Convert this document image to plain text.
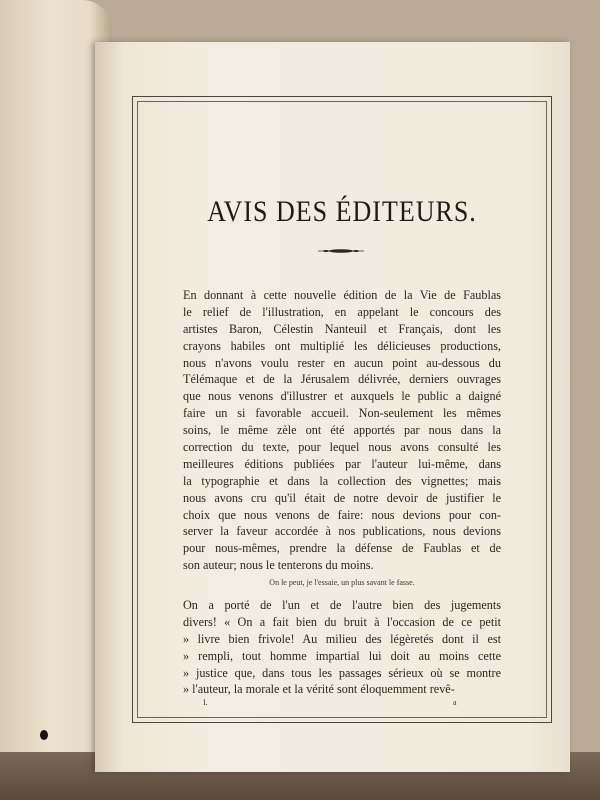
AVIS DES ÉDITEURS.
En donnant à cette nouvelle édition de la Vie de Faublas
le relief de l'illustration, en appelant le concours des
artistes Baron, Célestin Nanteuil et Français, dont les
crayons habiles ont multiplié les délicieuses productions,
nous n'avons voulu rester en aucun point au-dessous du
Télémaque et de la Jérusalem délivrée, derniers ouvrages
que nous venons d'illustrer et auxquels le public a daigné
faire un si favorable accueil. Non-seulement les mêmes
soins, le même zèle ont été apportés par nous dans la
correction du texte, pour lequel nous avons consulté les
meilleures éditions publiées par l'auteur lui-même, dans
la typographie et dans la collection des vignettes; mais
nous avons cru qu'il était de notre devoir de justifier le
choix que nous venons de faire: nous devions pour con-
server la faveur accordée à nos publications, nous devions
pour nous-mêmes, prendre la défense de Faublas et de
son auteur; nous le tenterons du moins.
On le peut, je l'essaie, un plus savant le fasse.
On a porté de l'un et de l'autre bien des jugements
divers! « On a fait bien du bruit à l'occasion de ce petit
» livre bien frivole! Au milieu des légèretés dont il est
» rempli, tout homme impartial lui doit au moins cette
» justice que, dans tous les passages sérieux où se montre
» l'auteur, la morale et la vérité sont éloquemment revê-
I.	a
